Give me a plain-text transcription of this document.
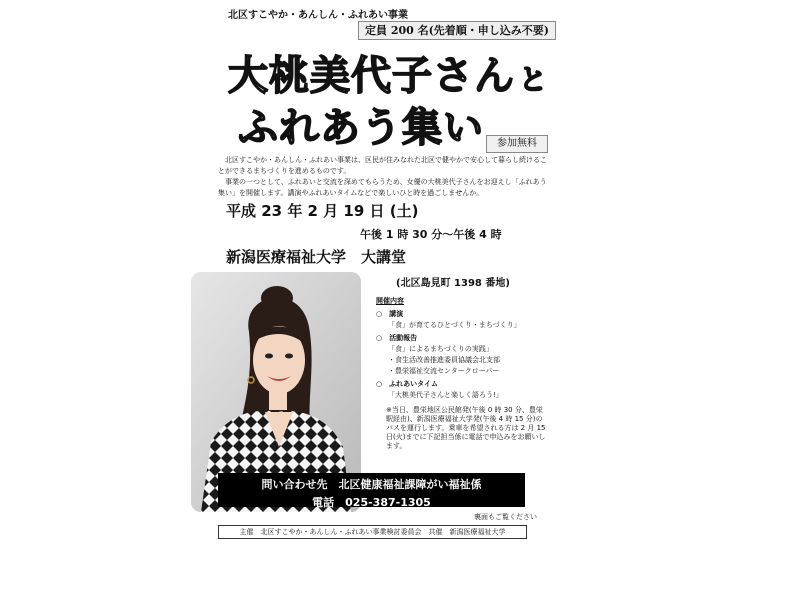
北区すこやか・あんしん・ふれあい事業
定員 200 名(先着順・申し込み不要)
大桃美代子さん と
ふれあう集い	参加無料

北区すこやか・あんしん・ふれあい事業は、区民が住みなれた北区で健やかで安心して暮らし続けることができるまちづくりを進めるものです。

事業の一つとして、ふれあいと交流を深めてもらうため、女優の大桃美代子さんをお迎えし「ふれあう集い」を開催します。講演やふれあいタイムなどで楽しいひと時を過ごしませんか。

平成 23 年 2 月 19 日 (土)
午後 1 時 30 分～午後 4 時
新潟医療福祉大学　大講堂
(北区島見町 1398 番地)
開催内容
○　講演
「食」が育てるひとづくり・まちづくり」
○　活動報告
「食」によるまちづくりの実践」
・食生活改善推進委員協議会北支部
・豊栄福祉交流センタークローバー
○　ふれあいタイム
「大桃美代子さんと楽しく語ろう!」
※当日、豊栄地区公民館発(午後 0 時 30 分、豊栄駅経由)、新潟医療福祉大学発(午後 4 時 15 分)のバスを運行します。乗車を希望される方は 2 月 15 日(火)までに下記担当係に電話で申込みをお願いします。
問い合わせ先　北区健康福祉課障がい福祉係
電話　025-387-1305
裏面もご覧ください
主催　北区すこやか・あんしん・ふれあい事業検討委員会　共催　新潟医療福祉大学
